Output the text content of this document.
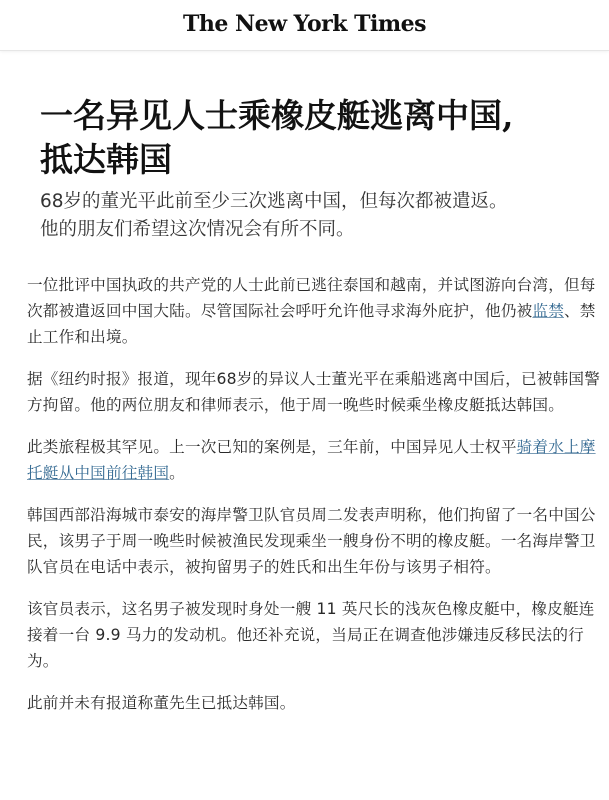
The New York Times
一名异见人士乘橡皮艇逃离中国,
抵达韩国

68岁的董光平此前至少三次逃离中国，但每次都被遣返。
他的朋友们希望这次情况会有所不同。

一位批评中国执政的共产党的人士此前已逃往泰国和越南，并试图游向台湾，但每次都被遣返回中国大陆。尽管国际社会呼吁允许他寻求海外庇护，他仍被监禁、禁止工作和出境。

据《纽约时报》报道，现年68岁的异议人士董光平在乘船逃离中国后，已被韩国警方拘留。他的两位朋友和律师表示，他于周一晚些时候乘坐橡皮艇抵达韩国。

此类旅程极其罕见。上一次已知的案例是，三年前，中国异见人士权平骑着水上摩托艇从中国前往韩国。

韩国西部沿海城市泰安的海岸警卫队官员周二发表声明称，他们拘留了一名中国公民，该男子于周一晚些时候被渔民发现乘坐一艘身份不明的橡皮艇。一名海岸警卫队官员在电话中表示，被拘留男子的姓氏和出生年份与该男子相符。

该官员表示，这名男子被发现时身处一艘 11 英尺长的浅灰色橡皮艇中，橡皮艇连接着一台 9.9 马力的发动机。他还补充说，当局正在调查他涉嫌违反移民法的行为。

此前并未有报道称董先生已抵达韩国。
